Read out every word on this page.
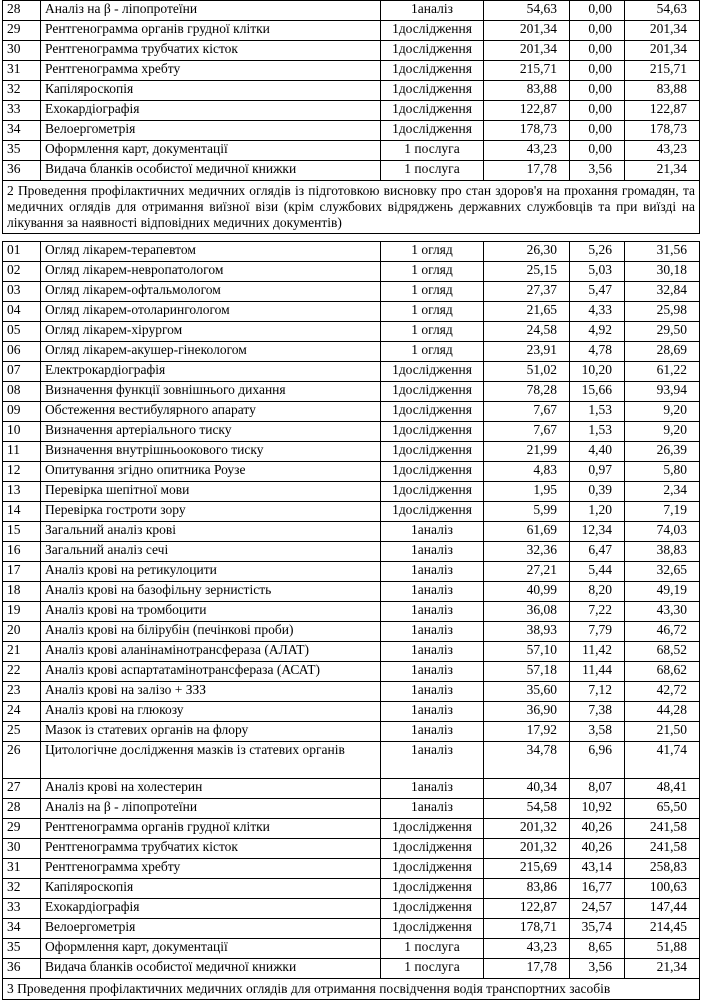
28	Аналіз на β - ліпопротеїни	1аналіз	54,63	0,00	54,63
29	Рентгенограмма органів грудної клітки	1дослідження	201,34	0,00	201,34
30	Рентгенограмма трубчатих кісток	1дослідження	201,34	0,00	201,34
31	Рентгенограмма хребту	1дослідження	215,71	0,00	215,71
32	Капіляроскопія	1дослідження	83,88	0,00	83,88
33	Ехокардіографія	1дослідження	122,87	0,00	122,87
34	Велоергометрія	1дослідження	178,73	0,00	178,73
35	Оформлення карт, документації	1 послуга	43,23	0,00	43,23
36	Видача бланків особистої медичної книжки	1 послуга	17,78	3,56	21,34
2 Проведення профілактичних медичних оглядів із підготовкою висновку про стан здоров'я на прохання громадян, та медичних оглядів для отримання виїзної візи (крім службових відряджень державних службовців та при виїзді на лікування за наявності відповідних медичних документів)					

01	Огляд лікарем-терапевтом	1 огляд	26,30	5,26	31,56
02	Огляд лікарем-невропатологом	1 огляд	25,15	5,03	30,18
03	Огляд лікарем-офтальмологом	1 огляд	27,37	5,47	32,84
04	Огляд лікарем-отоларингологом	1 огляд	21,65	4,33	25,98
05	Огляд лікарем-хірургом	1 огляд	24,58	4,92	29,50
06	Огляд лікарем-акушер-гінекологом	1 огляд	23,91	4,78	28,69
07	Електрокардіографія	1дослідження	51,02	10,20	61,22
08	Визначення функції зовнішнього дихання	1дослідження	78,28	15,66	93,94
09	Обстеження вестибулярного апарату	1дослідження	7,67	1,53	9,20
10	Визначення артеріального тиску	1дослідження	7,67	1,53	9,20
11	Визначення внутрішньоокового тиску	1дослідження	21,99	4,40	26,39
12	Опитування згідно опитника Роузе	1дослідження	4,83	0,97	5,80
13	Перевірка шепітної мови	1дослідження	1,95	0,39	2,34
14	Перевірка гостроти зору	1дослідження	5,99	1,20	7,19
15	Загальний аналіз крові	1аналіз	61,69	12,34	74,03
16	Загальний аналіз сечі	1аналіз	32,36	6,47	38,83
17	Аналіз крові на ретикулоцити	1аналіз	27,21	5,44	32,65
18	Аналіз крові на базофільну зернистість	1аналіз	40,99	8,20	49,19
19	Аналіз крові на тромбоцити	1аналіз	36,08	7,22	43,30
20	Аналіз крові на білірубін (печінкові проби)	1аналіз	38,93	7,79	46,72
21	Аналіз крові аланінамінотрансфераза (АЛАТ)	1аналіз	57,10	11,42	68,52
22	Аналіз крові аспартатамінотрансфераза (АСАТ)	1аналіз	57,18	11,44	68,62
23	Аналіз крові на залізо + ЗЗЗ	1аналіз	35,60	7,12	42,72
24	Аналіз крові на глюкозу	1аналіз	36,90	7,38	44,28
25	Мазок із статевих органів на флору	1аналіз	17,92	3,58	21,50
26	Цитологічне дослідження мазків із статевих органів	1аналіз	34,78	6,96	41,74
27	Аналіз крові на холестерин	1аналіз	40,34	8,07	48,41
28	Аналіз на β - ліпопротеїни	1аналіз	54,58	10,92	65,50
29	Рентгенограмма органів грудної клітки	1дослідження	201,32	40,26	241,58
30	Рентгенограмма трубчатих кісток	1дослідження	201,32	40,26	241,58
31	Рентгенограмма хребту	1дослідження	215,69	43,14	258,83
32	Капіляроскопія	1дослідження	83,86	16,77	100,63
33	Ехокардіографія	1дослідження	122,87	24,57	147,44
34	Велоергометрія	1дослідження	178,71	35,74	214,45
35	Оформлення карт, документації	1 послуга	43,23	8,65	51,88
36	Видача бланків особистої медичної книжки	1 послуга	17,78	3,56	21,34
3 Проведення профілактичних медичних оглядів для отримання посвідчення водія транспортних засобів					
